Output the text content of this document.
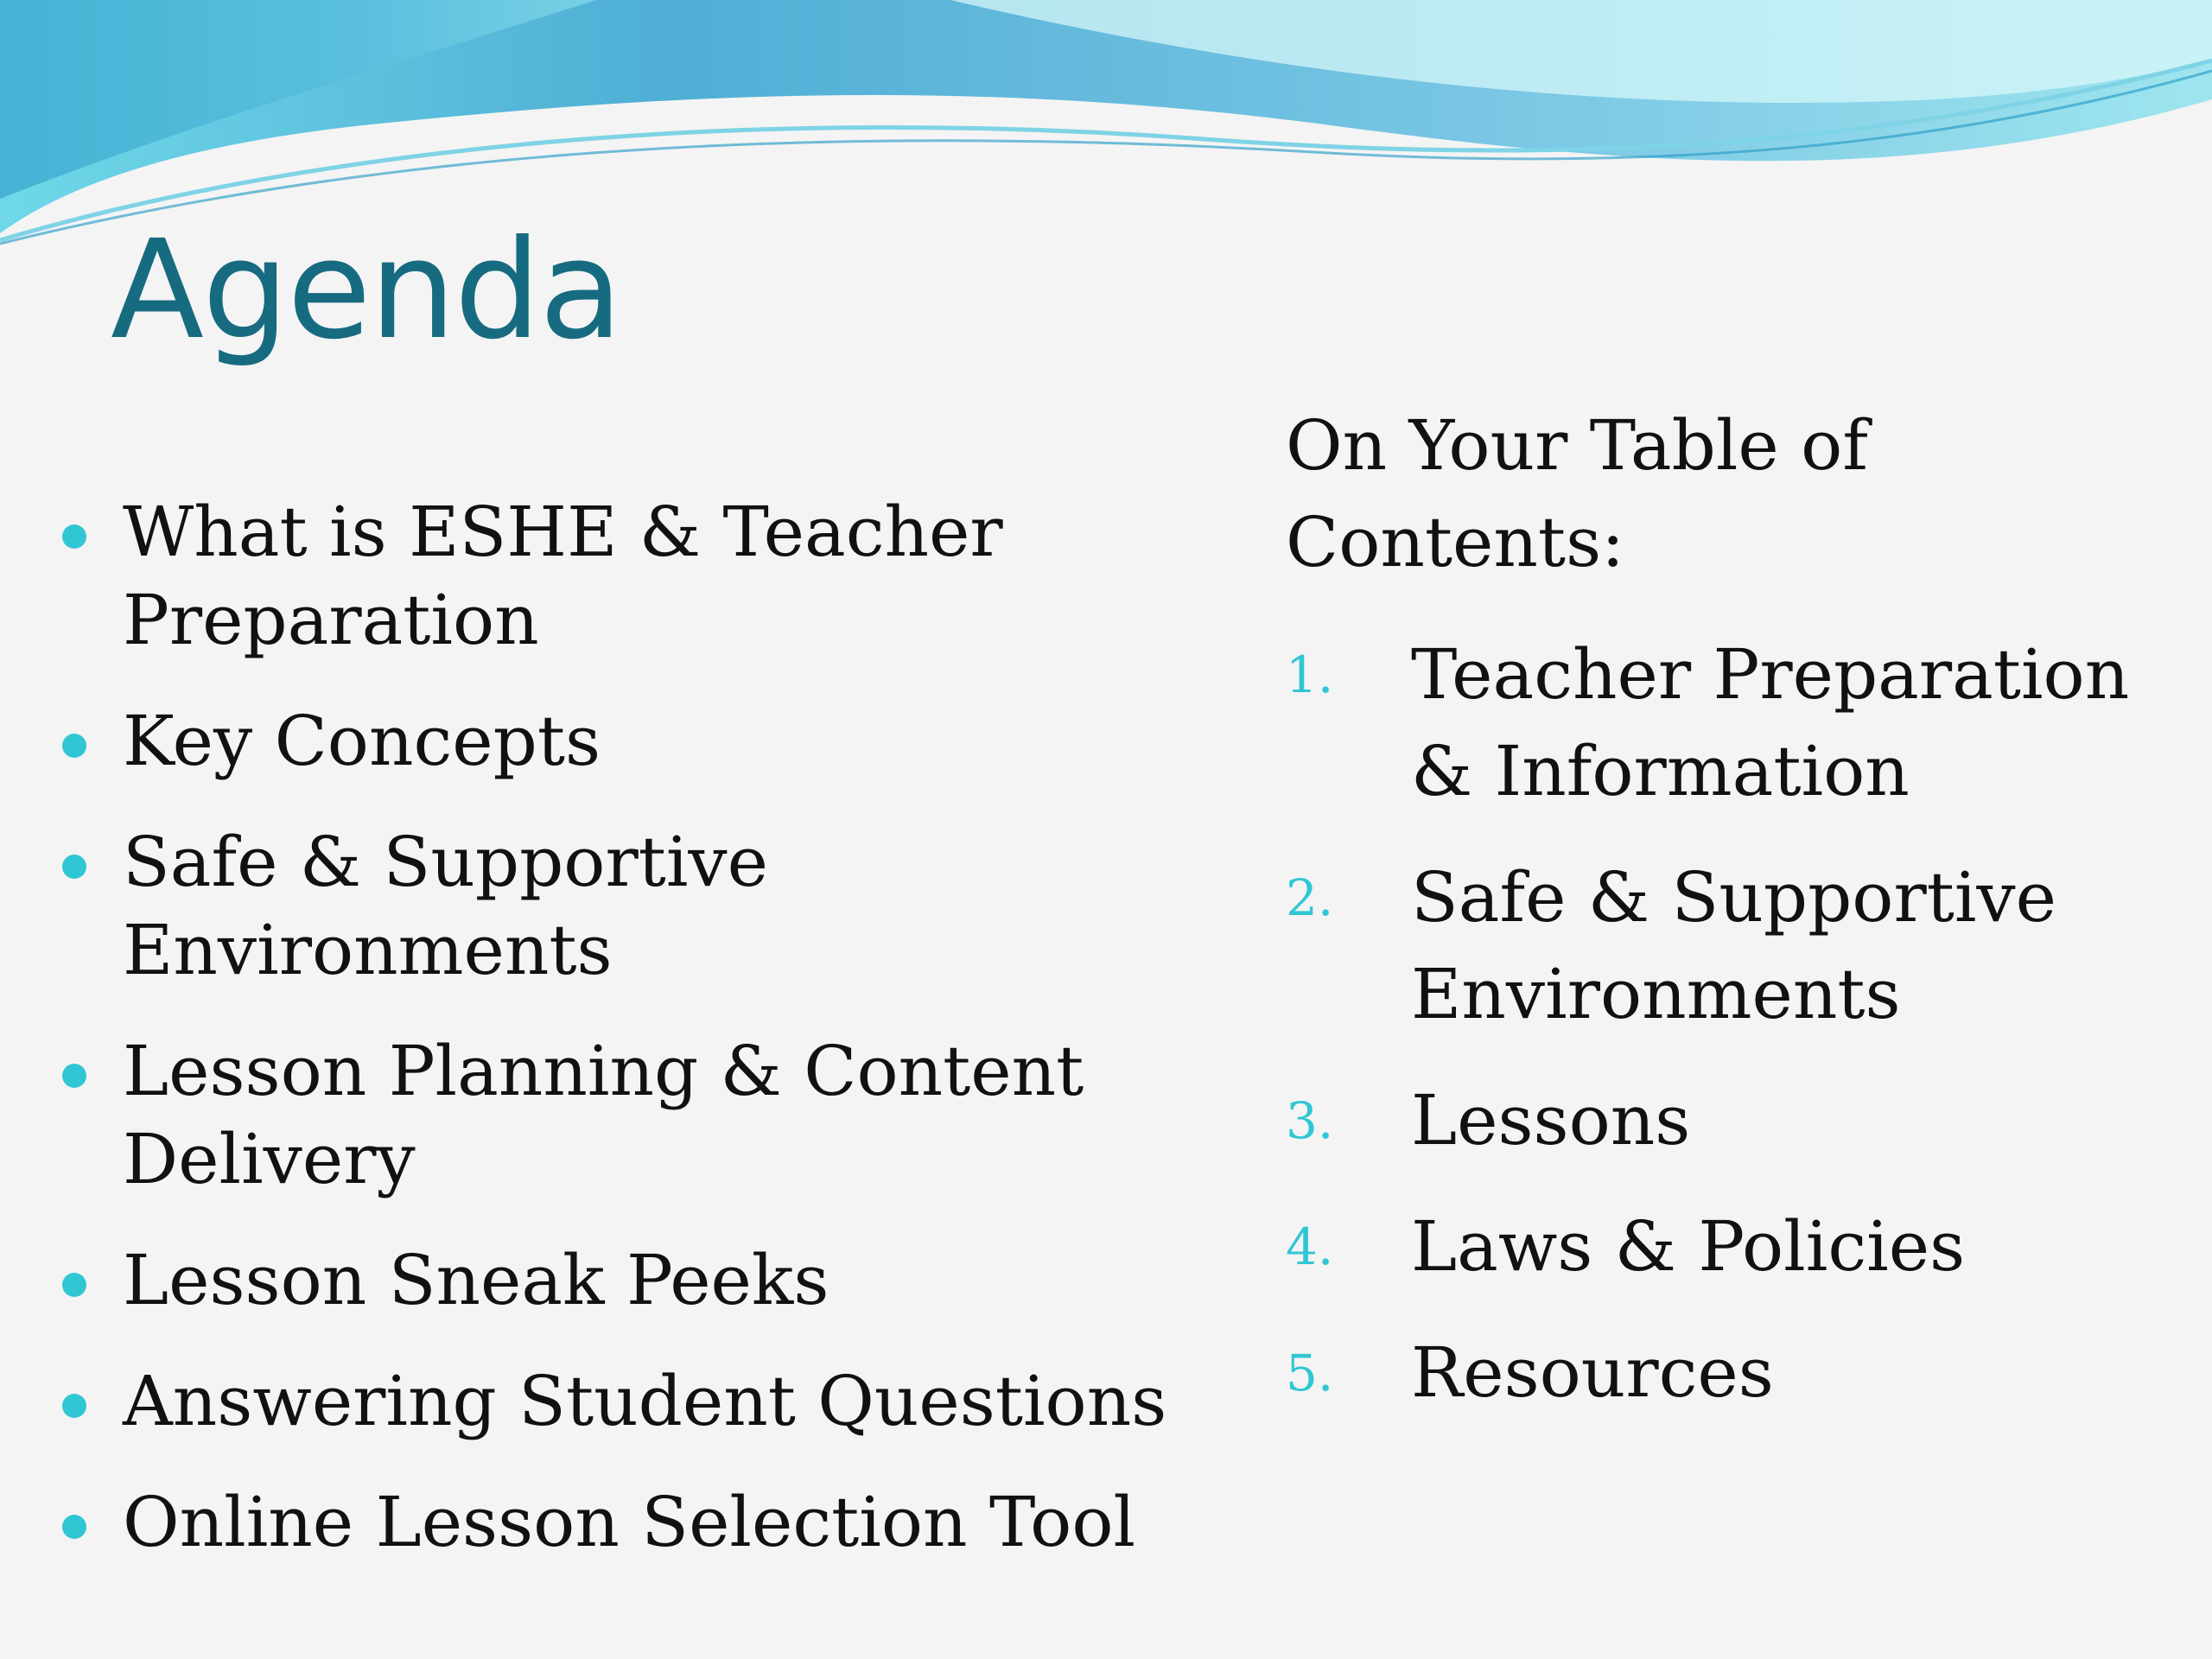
Agenda
What is ESHE & Teacher Preparation
Key Concepts
Safe & Supportive Environments
Lesson Planning & Content Delivery
Lesson Sneak Peeks
Answering Student Questions
Online Lesson Selection Tool
On Your Table of Contents:
1.	Teacher Preparation & Information
2.	Safe & Supportive Environments
3.	Lessons
4.	Laws & Policies
5.	Resources
